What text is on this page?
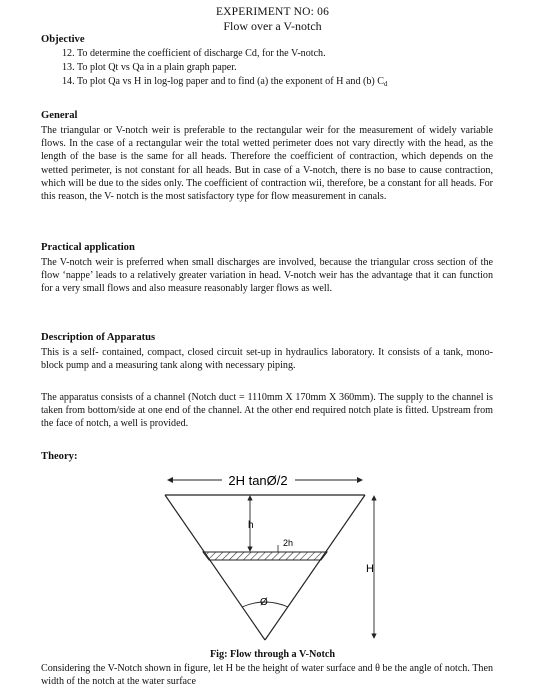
EXPERIMENT NO: 06
Flow over a V-notch
Objective
12. To determine the coefficient of discharge Cd, for the V-notch.
13. To plot Qt vs Qa in a plain graph paper.
14. To plot Qa vs H in log-log paper and to find (a) the exponent of H and (b) $C_d$
General

The triangular or V-notch weir is preferable to the rectangular weir for the measurement of widely variable flows. In the case of a rectangular weir the total wetted perimeter does not vary directly with the head, as the length of the base is the same for all heads. Therefore the coefficient of contraction, which depends on the wetted perimeter, is not constant for all heads. But in case of a V-notch, there is no base to cause contraction, which will be due to the sides only. The coefficient of contraction wii, therefore, be a constant for all heads. For this reason, the V- notch is the most satisfactory type for flow measurement in canals.

Practical application

The V-notch weir is preferred when small discharges are involved, because the triangular cross section of the flow ‘nappe’ leads to a relatively greater variation in head. V-notch weir has the advantage that it can function for a very small flows and also measure reasonably larger flows as well.

Description of Apparatus

This is a self- contained, compact, closed circuit set-up in hydraulics laboratory. It consists of a tank, mono-block pump and a measuring tank along with necessary piping.

The apparatus consists of a channel (Notch duct = 1110mm X 170mm X 360mm). The supply to the channel is taken from bottom/side at one end of the channel. At the other end required notch plate is fitted. Upstream from the face of notch, a well is provided.

Theory:
2H tanØ/2
h
2h
H
Ø
Fig: Flow through a V-Notch

Considering the V-Notch shown in figure, let H be the height of water surface and θ be the angle of notch. Then width of the notch at the water surface
